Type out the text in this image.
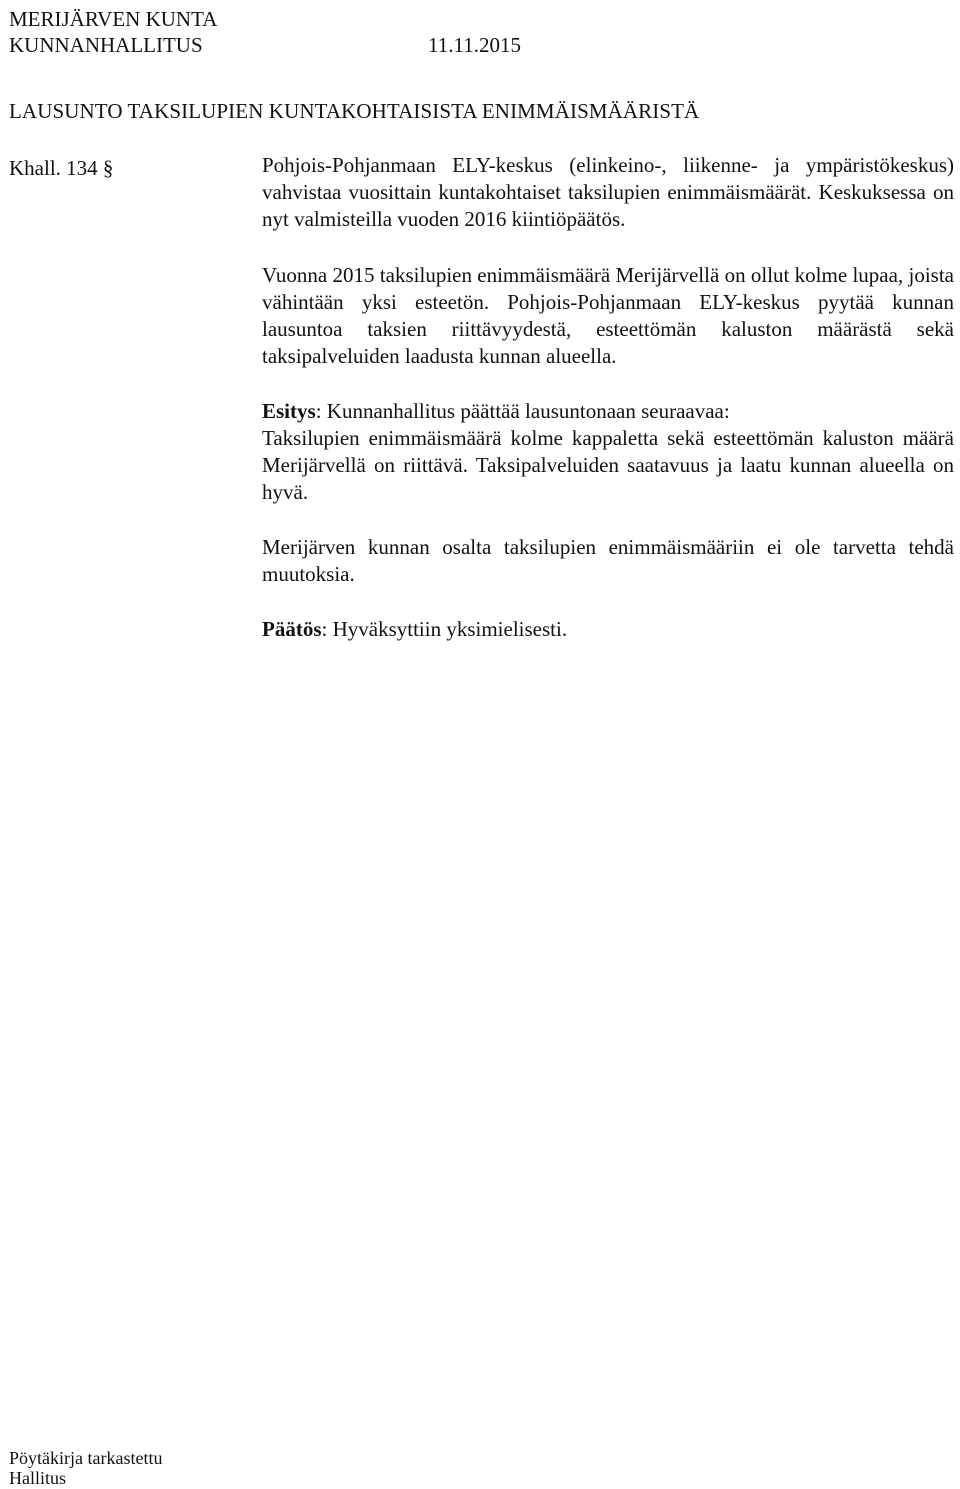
MERIJÄRVEN KUNTA
KUNNANHALLITUS	11.11.2015
LAUSUNTO TAKSILUPIEN KUNTAKOHTAISISTA ENIMMÄISMÄÄRISTÄ
Khall. 134 §	Pohjois-Pohjanmaan ELY-keskus (elinkeino-, liikenne- ja ympäristökeskus) vahvistaa vuosittain kuntakohtaiset taksilupien enimmäismäärät. Keskuksessa on nyt valmisteilla vuoden 2016 kiintiöpäätös.

Vuonna 2015 taksilupien enimmäismäärä Merijärvellä on ollut kolme lupaa, joista vähintään yksi esteetön. Pohjois-Pohjanmaan ELY-keskus pyytää kunnan lausuntoa taksien riittävyydestä, esteettömän kaluston määrästä sekä taksipalveluiden laadusta kunnan alueella.

Esitys: Kunnanhallitus päättää lausuntonaan seuraavaa:

Taksilupien enimmäismäärä kolme kappaletta sekä esteettömän kaluston määrä Merijärvellä on riittävä. Taksipalveluiden saatavuus ja laatu kunnan alueella on hyvä.

Merijärven kunnan osalta taksilupien enimmäismääriin ei ole tarvetta tehdä muutoksia.

Päätös: Hyväksyttiin yksimielisesti.

Pöytäkirja tarkastettu
Hallitus
